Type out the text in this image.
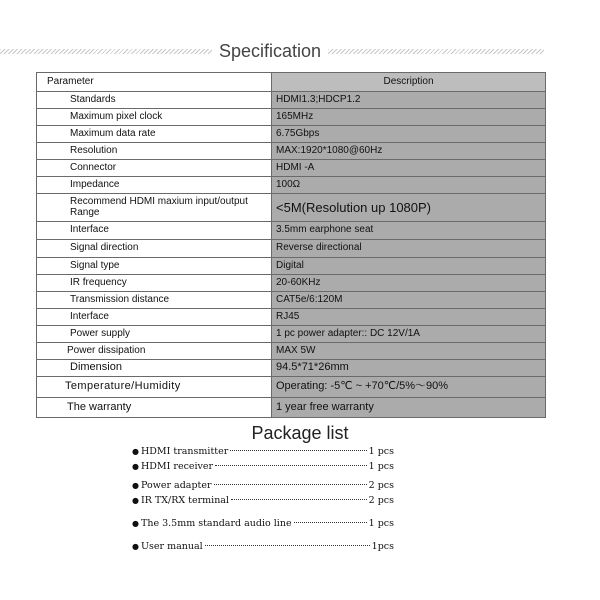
Specification
Parameter	Description
Standards	HDMI1.3;HDCP1.2
Maximum pixel clock	165MHz
Maximum data rate	6.75Gbps
Resolution	MAX:1920*1080@60Hz
Connector	HDMI -A
Impedance	100Ω
Recommend HDMI maxium input/output Range	<5M(Resolution up 1080P)
Interface	3.5mm earphone seat
Signal direction	Reverse directional
Signal type	Digital
IR frequency	20-60KHz
Transmission distance	CAT5e/6:120M
Interface	RJ45
Power supply	1 pc power adapter:: DC 12V/1A
Power dissipation	MAX 5W
Dimension	94.5*71*26mm
Temperature/Humidity	Operating: -5℃ ~ +70℃/5%～90%
The warranty	1 year free warranty
Package list
● HDMI transmitter	1 pcs
● HDMI receiver	1 pcs
● Power adapter	2 pcs
● IR TX/RX terminal	2 pcs
● The 3.5mm standard audio line	1 pcs
● User manual	1pcs
